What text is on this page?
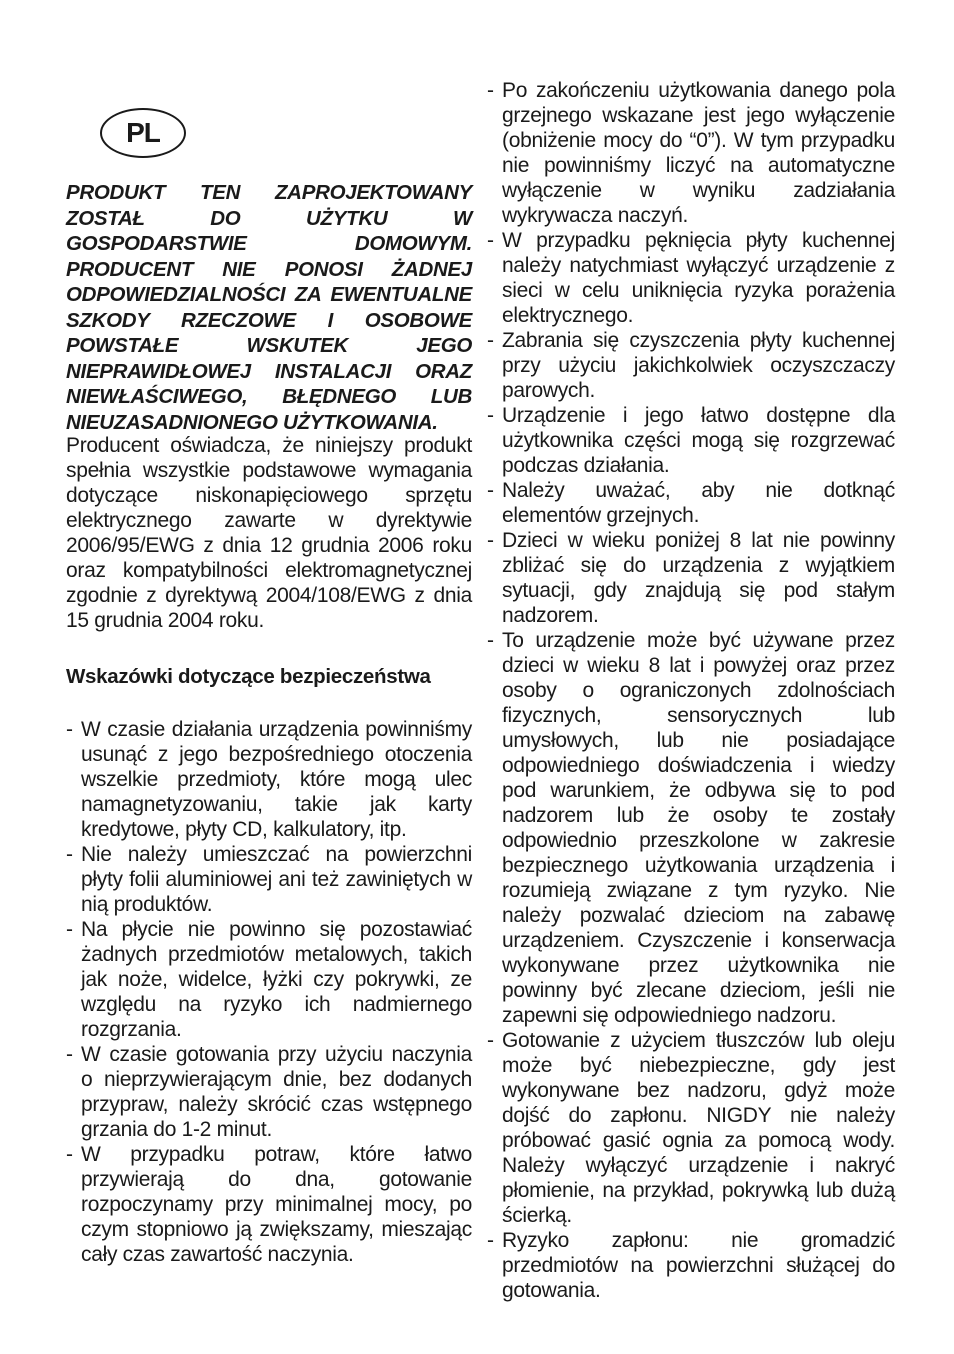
PL
PRODUKT TEN ZAPROJEKTOWANY ZOSTAŁ DO UŻYTKU W GOSPODARSTWIE DOMOWYM. PRODUCENT NIE PONOSI ŻADNEJ ODPOWIEDZIALNOŚCI ZA EWENTUALNE SZKODY RZECZOWE I OSOBOWE POWSTAŁE WSKUTEK JEGO NIEPRAWIDŁOWEJ INSTALACJI ORAZ NIEWŁAŚCIWEGO, BŁĘDNEGO LUB NIEUZASADNIONEGO UŻYTKOWANIA.
Producent oświadcza, że niniejszy produkt spełnia wszystkie podstawowe wymagania dotyczące niskonapięciowego sprzętu elektrycznego zawarte w dyrektywie 2006/95/EWG z dnia 12 grudnia 2006 roku oraz kompatybilności elektromagnetycznej zgodnie z dyrektywą 2004/108/EWG z dnia 15 grudnia 2004 roku.
Wskazówki dotyczące bezpieczeństwa
- W czasie działania urządzenia powinniśmy usunąć z jego bezpośredniego otoczenia wszelkie przedmioty, które mogą ulec namagnetyzowaniu, takie jak karty kredytowe, płyty CD, kalkulatory, itp.
- Nie należy umieszczać na powierzchni płyty folii aluminiowej ani też zawiniętych w nią produktów.
- Na płycie nie powinno się pozostawiać żadnych przedmiotów metalowych, takich jak noże, widelce, łyżki czy pokrywki, ze względu na ryzyko ich nadmiernego rozgrzania.
- W czasie gotowania przy użyciu naczynia o nieprzywierającym dnie, bez dodanych przypraw, należy skrócić czas wstępnego grzania do 1-2 minut.
- W przypadku potraw, które łatwo przywierają do dna, gotowanie rozpoczynamy przy minimalnej mocy, po czym stopniowo ją zwiększamy, mieszając cały czas zawartość naczynia.
- Po zakończeniu użytkowania danego pola grzejnego wskazane jest jego wyłączenie (obniżenie mocy do “0”). W tym przypadku nie powinniśmy liczyć na automatyczne wyłączenie w wyniku zadziałania wykrywacza naczyń.
- W przypadku pęknięcia płyty kuchennej należy natychmiast wyłączyć urządzenie z sieci w celu uniknięcia ryzyka porażenia elektrycznego.
- Zabrania się czyszczenia płyty kuchennej przy użyciu jakichkolwiek oczyszczaczy parowych.
- Urządzenie i jego łatwo dostępne dla użytkownika części mogą się rozgrzewać podczas działania.
- Należy uważać, aby nie dotknąć elementów grzejnych.
- Dzieci w wieku poniżej 8 lat nie powinny zbliżać się do urządzenia z wyjątkiem sytuacji, gdy znajdują się pod stałym nadzorem.
- To urządzenie może być używane przez dzieci w wieku 8 lat i powyżej oraz przez osoby o ograniczonych zdolnościach fizycznych, sensorycznych lub umysłowych, lub nie posiadające odpowiedniego doświadczenia i wiedzy pod warunkiem, że odbywa się to pod nadzorem lub że osoby te zostały odpowiednio przeszkolone w zakresie bezpiecznego użytkowania urządzenia i rozumieją związane z tym ryzyko. Nie należy pozwalać dzieciom na zabawę urządzeniem. Czyszczenie i konserwacja wykonywane przez użytkownika nie powinny być zlecane dzieciom, jeśli nie zapewni się odpowiedniego nadzoru.
- Gotowanie z użyciem tłuszczów lub oleju może być niebezpieczne, gdy jest wykonywane bez nadzoru, gdyż może dojść do zapłonu. NIGDY nie należy próbować gasić ognia za pomocą wody. Należy wyłączyć urządzenie i nakryć płomienie, na przykład, pokrywką lub dużą ścierką.
- Ryzyko zapłonu: nie gromadzić przedmiotów na powierzchni służącej do gotowania.
